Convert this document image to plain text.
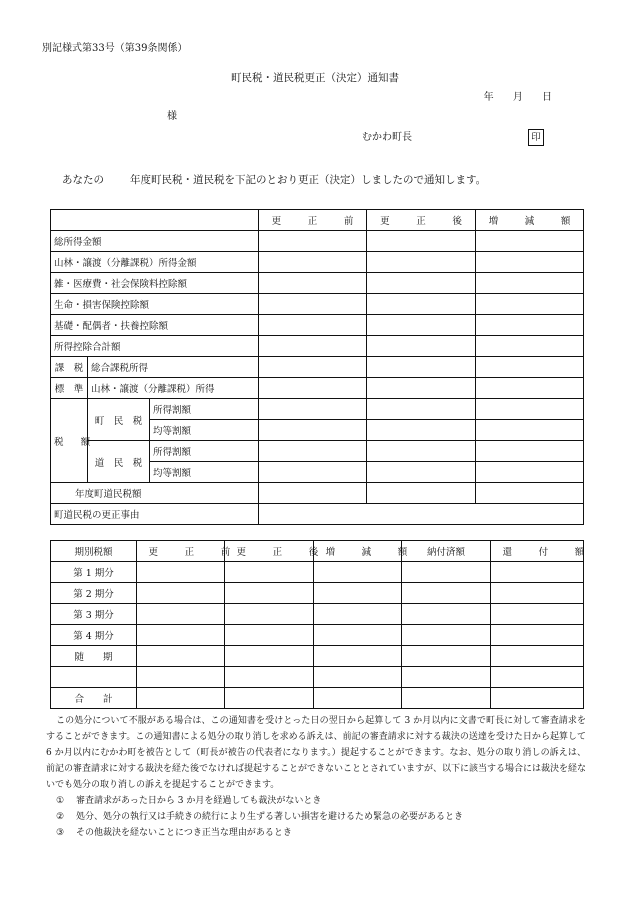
別記様式第33号（第39条関係）
町民税・道民税更正（決定）通知書
年 月 日
様
むかわ町長	印
あなたの 年度町民税・道民税を下記のとおり更正（決定）しましたので通知します。
			更　正　前	更　正　後	増　減　額
総所得金額					
山林・譲渡（分離課税）所得金額					
雑・医療費・社会保険料控除額					
生命・損害保険控除額					
基礎・配偶者・扶養控除額					
所得控除合計額					
課　税	総合課税所得				
標　準	山林・譲渡（分離課税）所得				
税　額	町　民　税	所得割額			
		均等割額			
	道　民　税	所得割額			
		均等割額			
年度町道民税額					
町道民税の更正事由					
期別税額	更　正　前	更　正　後	増　減　額	納付済額	還　付　額
第 1 期分					
第 2 期分					
第 3 期分					
第 4 期分					
随　　期					

合　　計					

この処分について不服がある場合は、この通知書を受けとった日の翌日から起算して 3 か月以内に文書で町長に対して審査請求をすることができます。この通知書による処分の取り消しを求める訴えは、前記の審査請求に対する裁決の送達を受けた日から起算して 6 か月以内にむかわ町を被告として（町長が被告の代表者になります。）提起することができます。なお、処分の取り消しの訴えは、前記の審査請求に対する裁決を経た後でなければ提起することができないこととされていますが、以下に該当する場合には裁決を経ないでも処分の取り消しの訴えを提起することができます。

① 審査請求があった日から 3 か月を経過しても裁決がないとき
② 処分、処分の執行又は手続きの続行により生ずる著しい損害を避けるため緊急の必要があるとき
③ その他裁決を経ないことにつき正当な理由があるとき
